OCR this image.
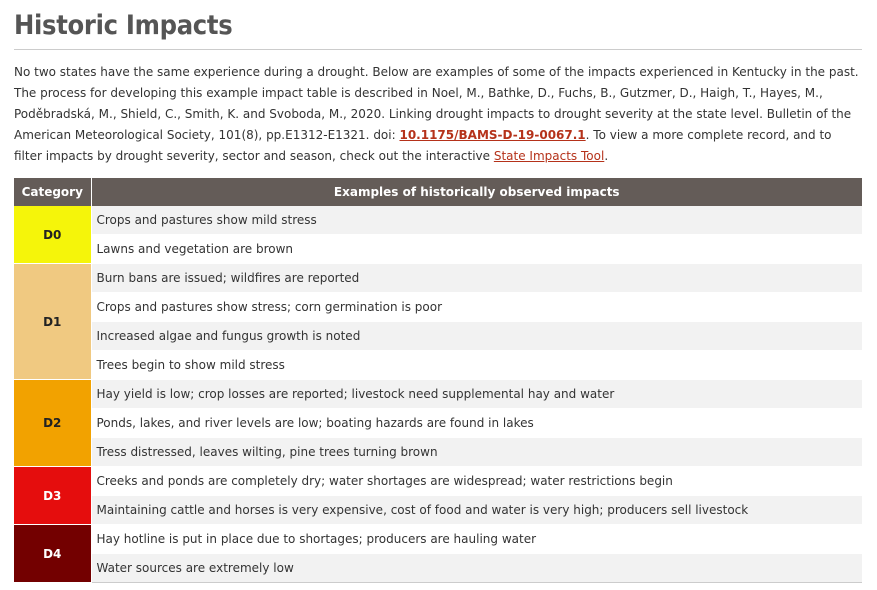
Historic Impacts

No two states have the same experience during a drought. Below are examples of some of the impacts experienced in Kentucky in the past. The process for developing this example impact table is described in Noel, M., Bathke, D., Fuchs, B., Gutzmer, D., Haigh, T., Hayes, M., Poděbradská, M., Shield, C., Smith, K. and Svoboda, M., 2020. Linking drought impacts to drought severity at the state level. Bulletin of the American Meteorological Society, 101(8), pp.E1312-E1321. doi: 10.1175/BAMS-D-19-0067.1. To view a more complete record, and to filter impacts by drought severity, sector and season, check out the interactive State Impacts Tool.

Category	Examples of historically observed impacts
D0	Crops and pastures show mild stress
	Lawns and vegetation are brown
D1	Burn bans are issued; wildfires are reported
	Crops and pastures show stress; corn germination is poor
	Increased algae and fungus growth is noted
	Trees begin to show mild stress
D2	Hay yield is low; crop losses are reported; livestock need supplemental hay and water
	Ponds, lakes, and river levels are low; boating hazards are found in lakes
	Tress distressed, leaves wilting, pine trees turning brown
D3	Creeks and ponds are completely dry; water shortages are widespread; water restrictions begin
	Maintaining cattle and horses is very expensive, cost of food and water is very high; producers sell livestock
D4	Hay hotline is put in place due to shortages; producers are hauling water
	Water sources are extremely low
